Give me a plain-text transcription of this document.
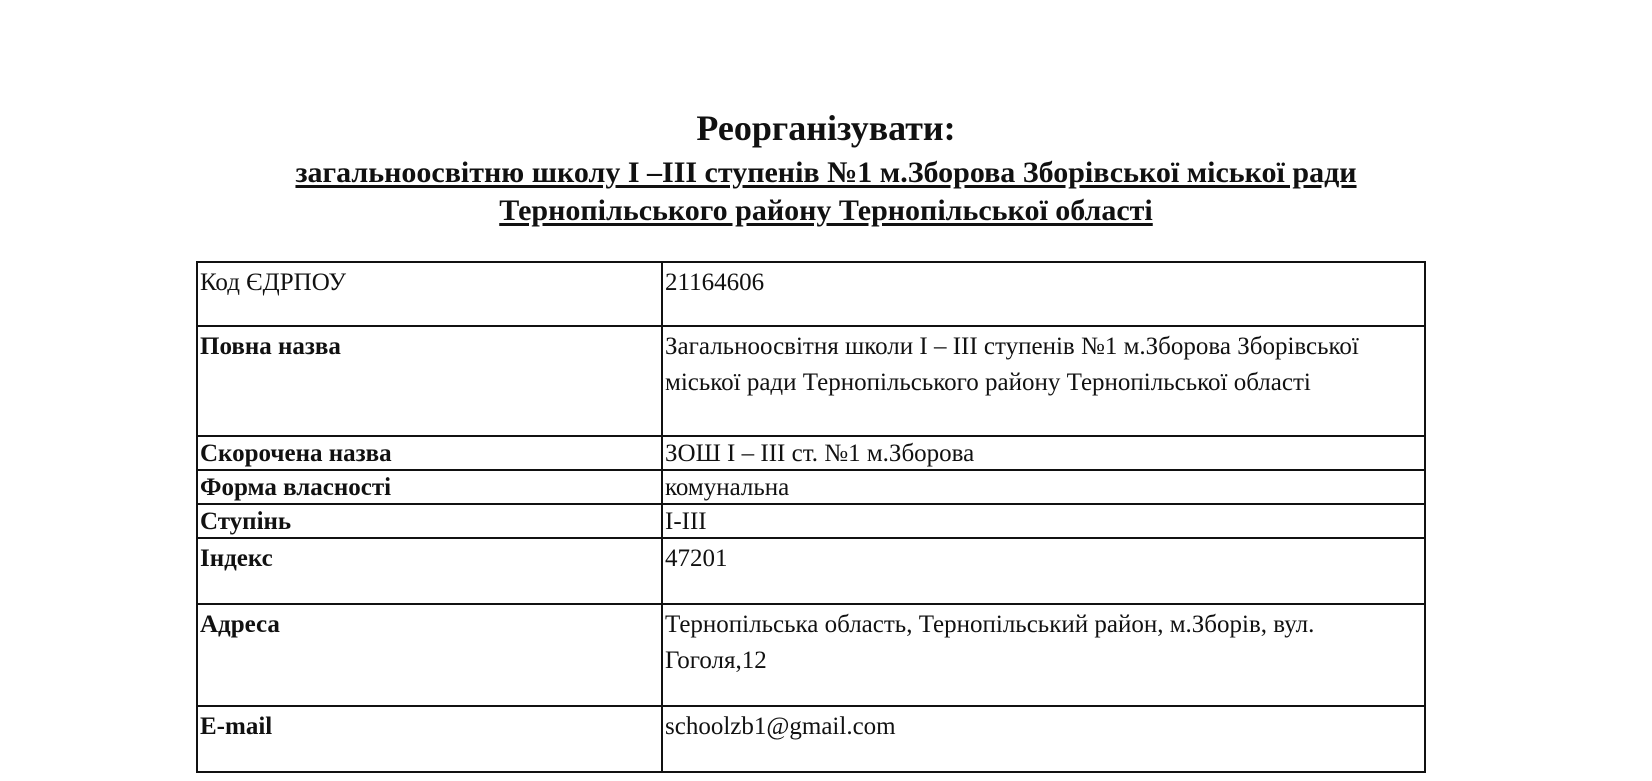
Реорганізувати:
загальноосвітню школу І –ІІІ ступенів №1 м.Зборова Зборівської міської ради
Тернопільського району Тернопільської області
Код ЄДРПОУ	21164606
Повна назва	Загальноосвітня школи І – ІІІ ступенів №1 м.Зборова Зборівської міської ради Тернопільського району Тернопільської області
Скорочена назва	ЗОШ І – ІІІ ст. №1 м.Зборова
Форма власності	комунальна
Ступінь	І-ІІІ
Індекс	47201
Адреса	Тернопільська область, Тернопільський район, м.Зборів, вул. Гоголя,12
E-mail	schoolzb1@gmail.com
